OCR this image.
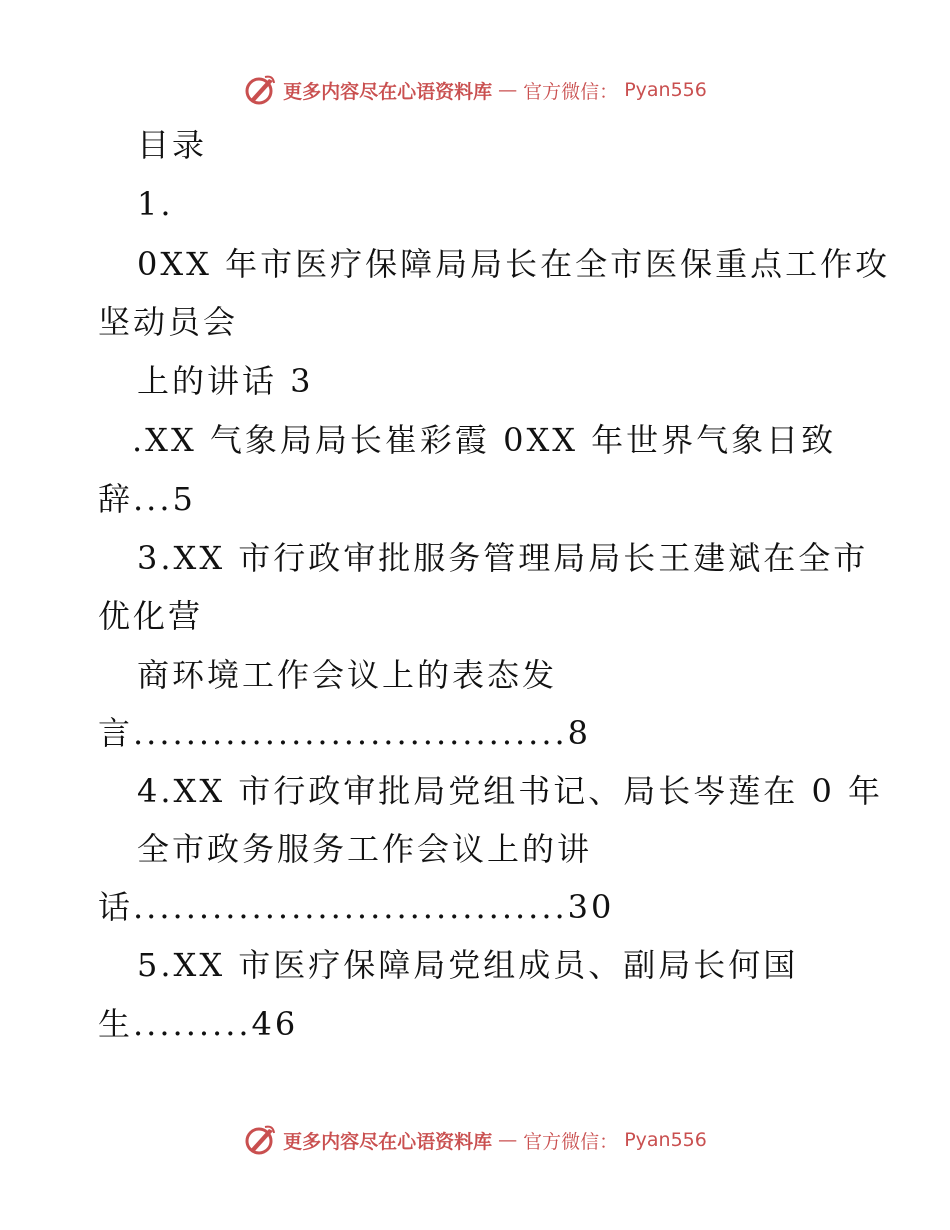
更多内容尽在心语资料库 — 官方微信： Pyan556
目录
1.
0XX 年市医疗保障局局长在全市医保重点工作攻
坚动员会
上的讲话 3
.XX 气象局局长崔彩霞 0XX 年世界气象日致
辞...5
3.XX 市行政审批服务管理局局长王建斌在全市
优化营
商环境工作会议上的表态发
言.................................8
4.XX 市行政审批局党组书记、局长岑莲在 0 年
全市政务服务工作会议上的讲
话.................................30
5.XX 市医疗保障局党组成员、副局长何国
生.........46
更多内容尽在心语资料库 — 官方微信： Pyan556
